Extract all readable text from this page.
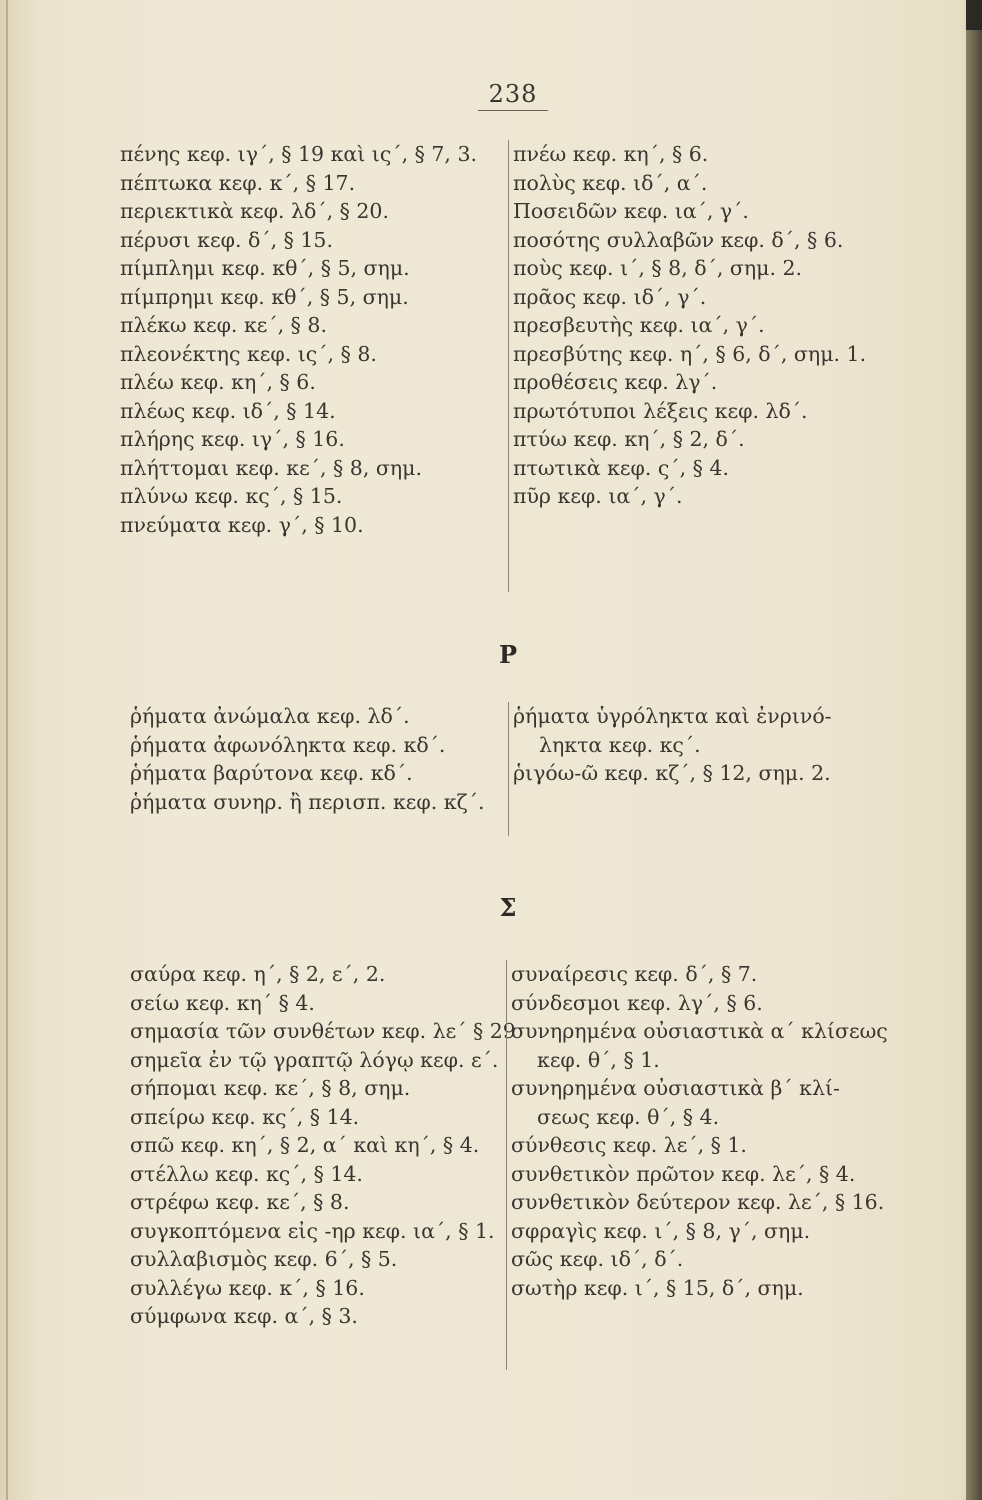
238
πένης κεφ. ιγ΄, § 19 καὶ ις΄, § 7, 3.
πέπτωκα κεφ. κ΄, § 17.
περιεκτικὰ κεφ. λδ΄, § 20.
πέρυσι κεφ. δ΄, § 15.
πίμπλημι κεφ. κθ΄, § 5, σημ.
πίμπρημι κεφ. κθ΄, § 5, σημ.
πλέκω κεφ. κε΄, § 8.
πλεονέκτης κεφ. ις΄, § 8.
πλέω κεφ. κη΄, § 6.
πλέως κεφ. ιδ΄, § 14.
πλήρης κεφ. ιγ΄, § 16.
πλήττομαι κεφ. κε΄, § 8, σημ.
πλύνω κεφ. κς΄, § 15.
πνεύματα κεφ. γ΄, § 10.
πνέω κεφ. κη΄, § 6.
πολὺς κεφ. ιδ΄, α΄.
Ποσειδῶν κεφ. ια΄, γ΄.
ποσότης συλλαβῶν κεφ. δ΄, § 6.
ποὺς κεφ. ι΄, § 8, δ΄, σημ. 2.
πρᾶος κεφ. ιδ΄, γ΄.
πρεσβευτὴς κεφ. ια΄, γ΄.
πρεσβύτης κεφ. η΄, § 6, δ΄, σημ. 1.
προθέσεις κεφ. λγ΄.
πρωτότυποι λέξεις κεφ. λδ΄.
πτύω κεφ. κη΄, § 2, δ΄.
πτωτικὰ κεφ. ς΄, § 4.
πῦρ κεφ. ια΄, γ΄.
Ρ
ῥήματα ἀνώμαλα κεφ. λδ΄.
ῥήματα ἀφωνόληκτα κεφ. κδ΄.
ῥήματα βαρύτονα κεφ. κδ΄.
ῥήματα συνηρ. ἢ περισπ. κεφ. κζ΄.
ῥήματα ὑγρόληκτα καὶ ἐνρινό-
ληκτα κεφ. κς΄.
ῥιγόω-ῶ κεφ. κζ΄, § 12, σημ. 2.
Σ
σαύρα κεφ. η΄, § 2, ε΄, 2.
σείω κεφ. κη΄ § 4.
σημασία τῶν συνθέτων κεφ. λε΄ § 29
σημεῖα ἐν τῷ γραπτῷ λόγῳ κεφ. ε΄.
σήπομαι κεφ. κε΄, § 8, σημ.
σπείρω κεφ. κς΄, § 14.
σπῶ κεφ. κη΄, § 2, α΄ καὶ κη΄, § 4.
στέλλω κεφ. κς΄, § 14.
στρέφω κεφ. κε΄, § 8.
συγκοπτόμενα εἰς -ηρ κεφ. ια΄, § 1.
συλλαβισμὸς κεφ. 6΄, § 5.
συλλέγω κεφ. κ΄, § 16.
σύμφωνα κεφ. α΄, § 3.
συναίρεσις κεφ. δ΄, § 7.
σύνδεσμοι κεφ. λγ΄, § 6.
συνηρημένα οὐσιαστικὰ α΄ κλίσεως
κεφ. θ΄, § 1.
συνηρημένα οὐσιαστικὰ β΄ κλί-
σεως κεφ. θ΄, § 4.
σύνθεσις κεφ. λε΄, § 1.
συνθετικὸν πρῶτον κεφ. λε΄, § 4.
συνθετικὸν δεύτερον κεφ. λε΄, § 16.
σφραγὶς κεφ. ι΄, § 8, γ΄, σημ.
σῶς κεφ. ιδ΄, δ΄.
σωτὴρ κεφ. ι΄, § 15, δ΄, σημ.
